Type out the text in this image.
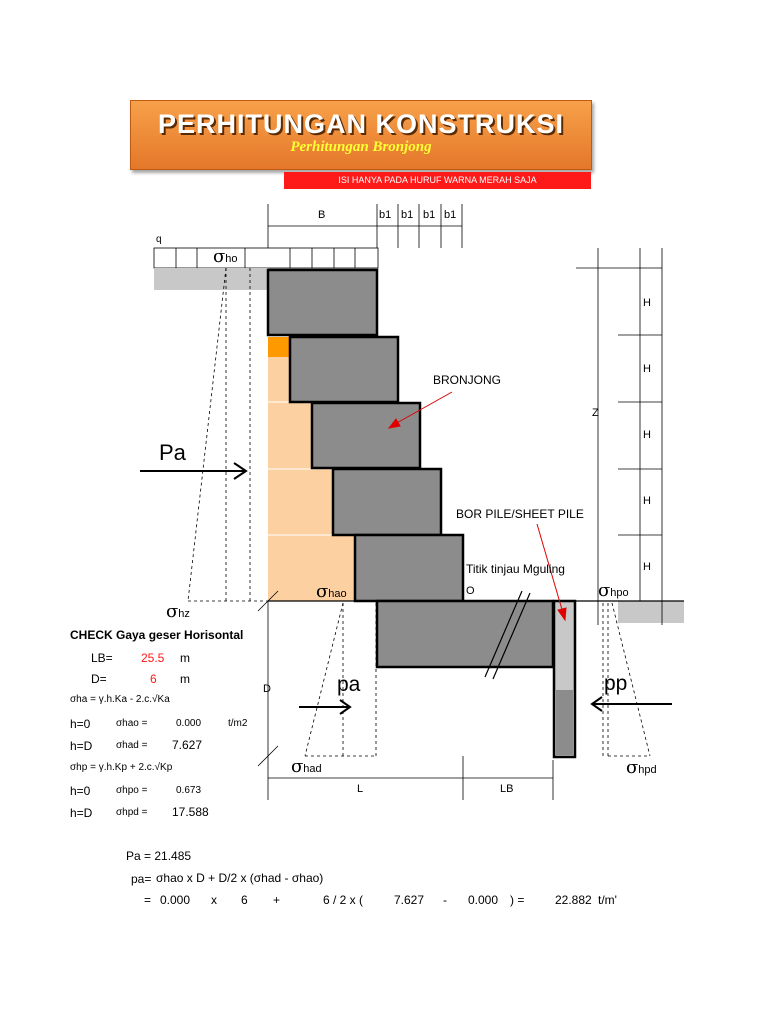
PERHITUNGAN KONSTRUKSI
Perhitungan Bronjong
ISI HANYA PADA HURUF WARNA MERAH SAJA
B	b1 b1 b1 b1
q
σho
σhz
σhao
σhad
σhpo
σhpd
H
H
H
H
H
Z
Pa
pa	pp
D
L	LB
O
BRONJONG
BOR PILE/SHEET PILE
Titik tinjau Mguling
CHECK Gaya geser Horisontal
LB= 25.5 m
D=	6 m
σha = γ.h.Ka - 2.c.√Ka
h=0	σhao =	0.000	t/m2
h=D σhad = 7.627
σhp = γ.h.Kp + 2.c.√Kp
h=0	σhpo =	0.673
h=D σhpd = 17.588
Pa = 21.485
pa= σhao x D + D/2 x (σhad - σhao)
= 0.000 x 6 +	6 / 2 x (	7.627 - 0.000 ) =	22.882 t/m'
